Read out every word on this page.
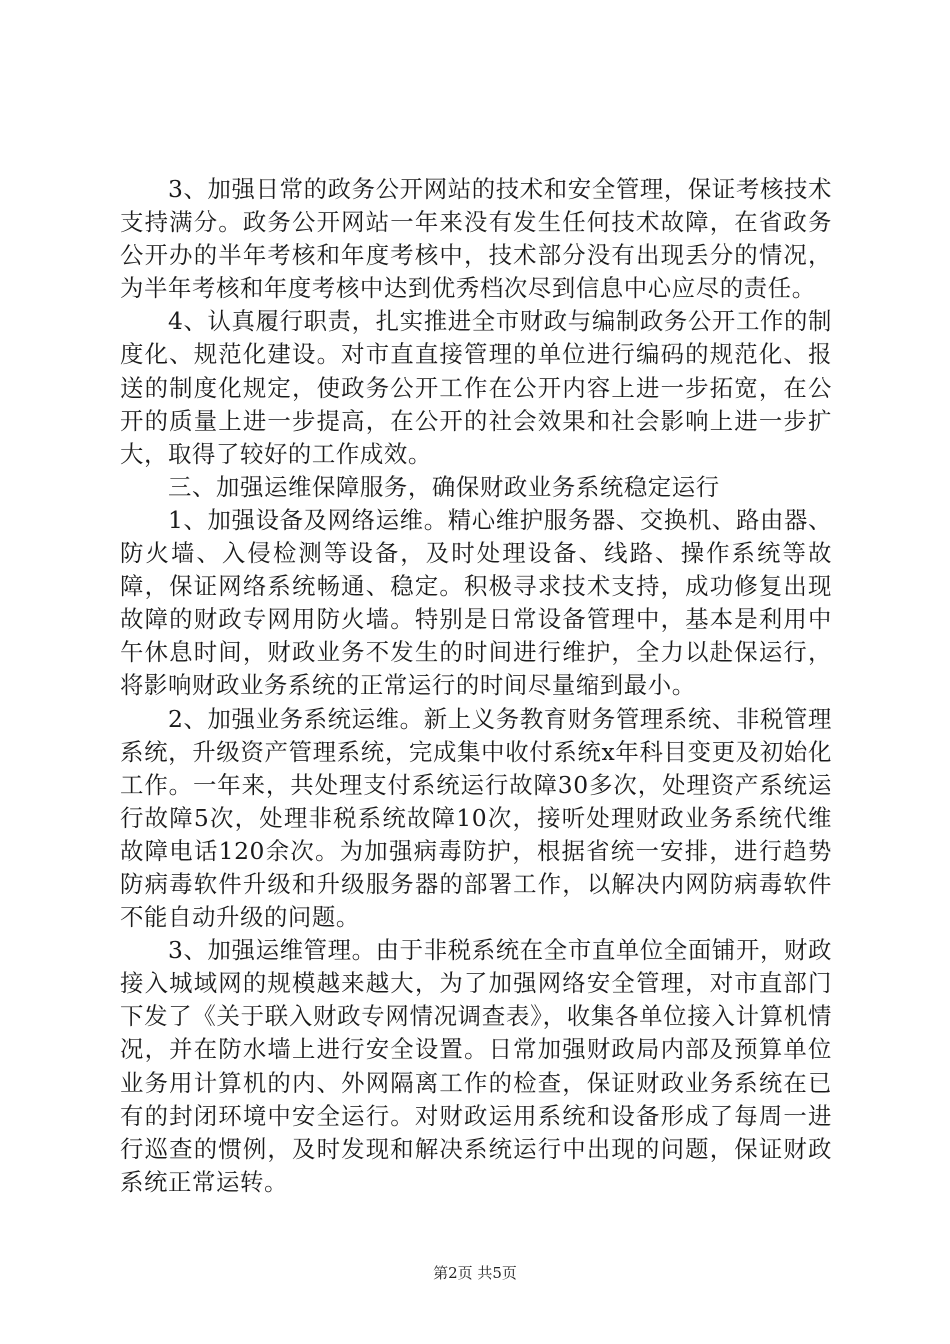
3、加强日常的政务公开网站的技术和安全管理，保证考核技术支持满分。政务公开网站一年来没有发生任何技术故障，在省政务公开办的半年考核和年度考核中，技术部分没有出现丢分的情况，为半年考核和年度考核中达到优秀档次尽到信息中心应尽的责任。

4、认真履行职责，扎实推进全市财政与编制政务公开工作的制度化、规范化建设。对市直直接管理的单位进行编码的规范化、报送的制度化规定，使政务公开工作在公开内容上进一步拓宽，在公开的质量上进一步提高，在公开的社会效果和社会影响上进一步扩大，取得了较好的工作成效。

三、加强运维保障服务，确保财政业务系统稳定运行

1、加强设备及网络运维。精心维护服务器、交换机、路由器、防火墙、入侵检测等设备，及时处理设备、线路、操作系统等故障，保证网络系统畅通、稳定。积极寻求技术支持，成功修复出现故障的财政专网用防火墙。特别是日常设备管理中，基本是利用中午休息时间，财政业务不发生的时间进行维护，全力以赴保运行，将影响财政业务系统的正常运行的时间尽量缩到最小。

2、加强业务系统运维。新上义务教育财务管理系统、非税管理系统，升级资产管理系统，完成集中收付系统x年科目变更及初始化工作。一年来，共处理支付系统运行故障30多次，处理资产系统运行故障5次，处理非税系统故障10次，接听处理财政业务系统代维故障电话120余次。为加强病毒防护，根据省统一安排，进行趋势防病毒软件升级和升级服务器的部署工作，以解决内网防病毒软件不能自动升级的问题。

3、加强运维管理。由于非税系统在全市直单位全面铺开，财政接入城域网的规模越来越大，为了加强网络安全管理，对市直部门下发了《关于联入财政专网情况调查表》，收集各单位接入计算机情况，并在防水墙上进行安全设置。日常加强财政局内部及预算单位业务用计算机的内、外网隔离工作的检查，保证财政业务系统在已有的封闭环境中安全运行。对财政运用系统和设备形成了每周一进行巡查的惯例，及时发现和解决系统运行中出现的问题，保证财政系统正常运转。

第2页 共5页
